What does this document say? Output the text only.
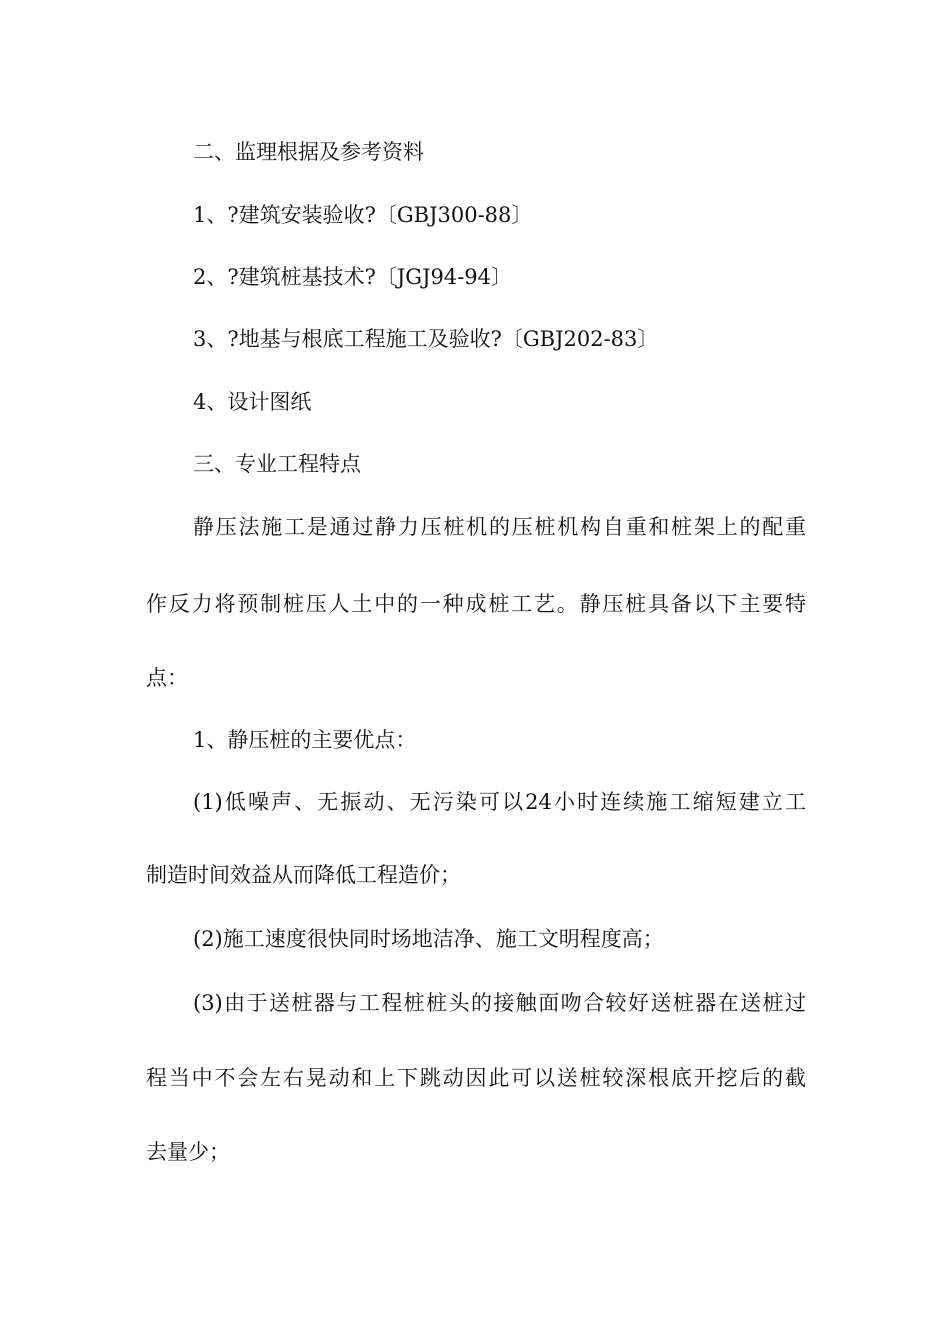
二、监理根据及参考资料
1、?建筑安装验收?〔GBJ300-88〕
2、?建筑桩基技术?〔JGJ94-94〕
3、?地基与根底工程施工及验收?〔GBJ202-83〕
4、设计图纸
三、专业工程特点
静压法施工是通过静力压桩机的压桩机构自重和桩架上的配重
作反力将预制桩压人土中的一种成桩工艺。静压桩具备以下主要特
点：
1、静压桩的主要优点：
(1)低噪声、无振动、无污染可以24小时连续施工缩短建立工
制造时间效益从而降低工程造价；
(2)施工速度很快同时场地洁净、施工文明程度高；
(3)由于送桩器与工程桩桩头的接触面吻合较好送桩器在送桩过
程当中不会左右晃动和上下跳动因此可以送桩较深根底开挖后的截
去量少；
